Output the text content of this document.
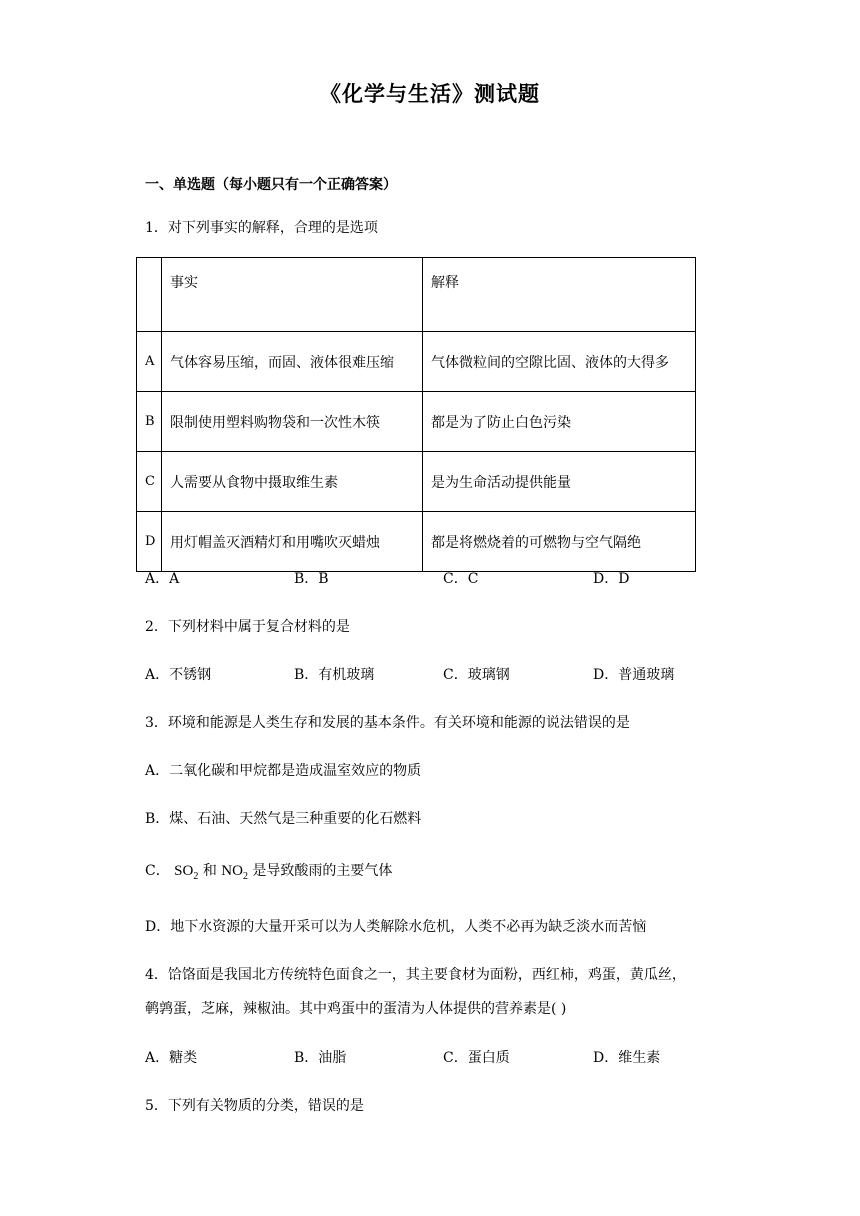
《化学与生活》测试题
一、单选题（每小题只有一个正确答案）
1．对下列事实的解释，合理的是选项
	事实	解释
A	气体容易压缩，而固、液体很难压缩	气体微粒间的空隙比固、液体的大得多
B	限制使用塑料购物袋和一次性木筷	都是为了防止白色污染
C	人需要从食物中摄取维生素	是为生命活动提供能量
D	用灯帽盖灭酒精灯和用嘴吹灭蜡烛	都是将燃烧着的可燃物与空气隔绝
A．A	B．B	C．C	D．D
2．下列材料中属于复合材料的是
A．不锈钢	B．有机玻璃	C．玻璃钢	D．普通玻璃
3．环境和能源是人类生存和发展的基本条件。有关环境和能源的说法错误的是
A．二氧化碳和甲烷都是造成温室效应的物质
B．煤、石油、天然气是三种重要的化石燃料
C． $SO_2$ 和 $NO_2$ 是导致酸雨的主要气体
D．地下水资源的大量开采可以为人类解除水危机，人类不必再为缺乏淡水而苦恼
4．饸饹面是我国北方传统特色面食之一，其主要食材为面粉，西红柿，鸡蛋，黄瓜丝，
鹌鹑蛋，芝麻，辣椒油。其中鸡蛋中的蛋清为人体提供的营养素是( )
A．糖类	B．油脂	C．蛋白质	D．维生素
5．下列有关物质的分类，错误的是
